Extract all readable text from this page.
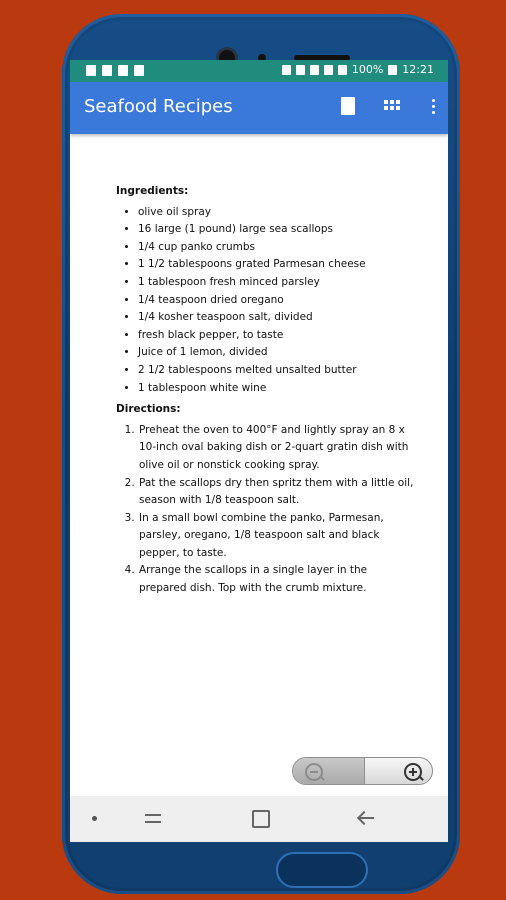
100% 12:21
Seafood Recipes

Ingredients:

• olive oil spray
• 16 large (1 pound) large sea scallops
• 1/4 cup panko crumbs
• 1 1/2 tablespoons grated Parmesan cheese
• 1 tablespoon fresh minced parsley
• 1/4 teaspoon dried oregano
• 1/4 kosher teaspoon salt, divided
• fresh black pepper, to taste
• Juice of 1 lemon, divided
• 2 1/2 tablespoons melted unsalted butter
• 1 tablespoon white wine

Directions:

1. Preheat the oven to 400°F and lightly spray an 8 x 10-inch oval baking dish or 2-quart gratin dish with olive oil or nonstick cooking spray.
2. Pat the scallops dry then spritz them with a little oil, season with 1/8 teaspoon salt.
3. In a small bowl combine the panko, Parmesan, parsley, oregano, 1/8 teaspoon salt and black pepper, to taste.
4. Arrange the scallops in a single layer in the prepared dish. Top with the crumb mixture.
